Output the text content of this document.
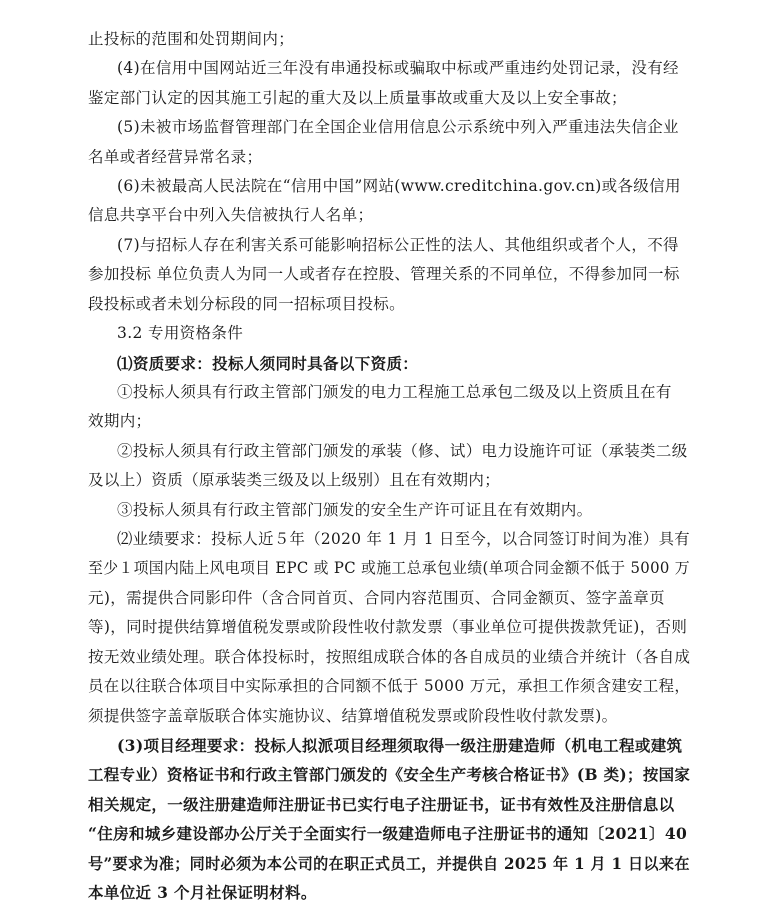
止投标的范围和处罚期间内；
(4)在信用中国网站近三年没有串通投标或骗取中标或严重违约处罚记录，没有经
鉴定部门认定的因其施工引起的重大及以上质量事故或重大及以上安全事故；
(5)未被市场监督管理部门在全国企业信用信息公示系统中列入严重违法失信企业
名单或者经营异常名录；
(6)未被最高人民法院在“信用中国”网站(www.creditchina.gov.cn)或各级信用
信息共享平台中列入失信被执行人名单；
(7)与招标人存在利害关系可能影响招标公正性的法人、其他组织或者个人，不得
参加投标 单位负责人为同一人或者存在控股、管理关系的不同单位，不得参加同一标
段投标或者未划分标段的同一招标项目投标。
3.2 专用资格条件
⑴资质要求：投标人须同时具备以下资质：
①投标人须具有行政主管部门颁发的电力工程施工总承包二级及以上资质且在有
效期内；
②投标人须具有行政主管部门颁发的承装（修、试）电力设施许可证（承装类二级
及以上）资质（原承装类三级及以上级别）且在有效期内；
③投标人须具有行政主管部门颁发的安全生产许可证且在有效期内。
⑵业绩要求：投标人近５年（2020 年 1 月 1 日至今，以合同签订时间为准）具有
至少１项国内陆上风电项目 EPC 或 PC 或施工总承包业绩(单项合同金额不低于 5000 万
元)，需提供合同影印件（含合同首页、合同内容范围页、合同金额页、签字盖章页
等)，同时提供结算增值税发票或阶段性收付款发票（事业单位可提供拨款凭证)，否则
按无效业绩处理。联合体投标时，按照组成联合体的各自成员的业绩合并统计（各自成
员在以往联合体项目中实际承担的合同额不低于 5000 万元，承担工作须含建安工程，
须提供签字盖章版联合体实施协议、结算增值税发票或阶段性收付款发票)。
(3)项目经理要求：投标人拟派项目经理须取得一级注册建造师（机电工程或建筑
工程专业）资格证书和行政主管部门颁发的《安全生产考核合格证书》(B 类)；按国家
相关规定，一级注册建造师注册证书已实行电子注册证书，证书有效性及注册信息以
“住房和城乡建设部办公厅关于全面实行一级建造师电子注册证书的通知〔2021〕40
号”要求为准；同时必须为本公司的在职正式员工，并提供自 2025 年 1 月 1 日以来在
本单位近 3 个月社保证明材料。
